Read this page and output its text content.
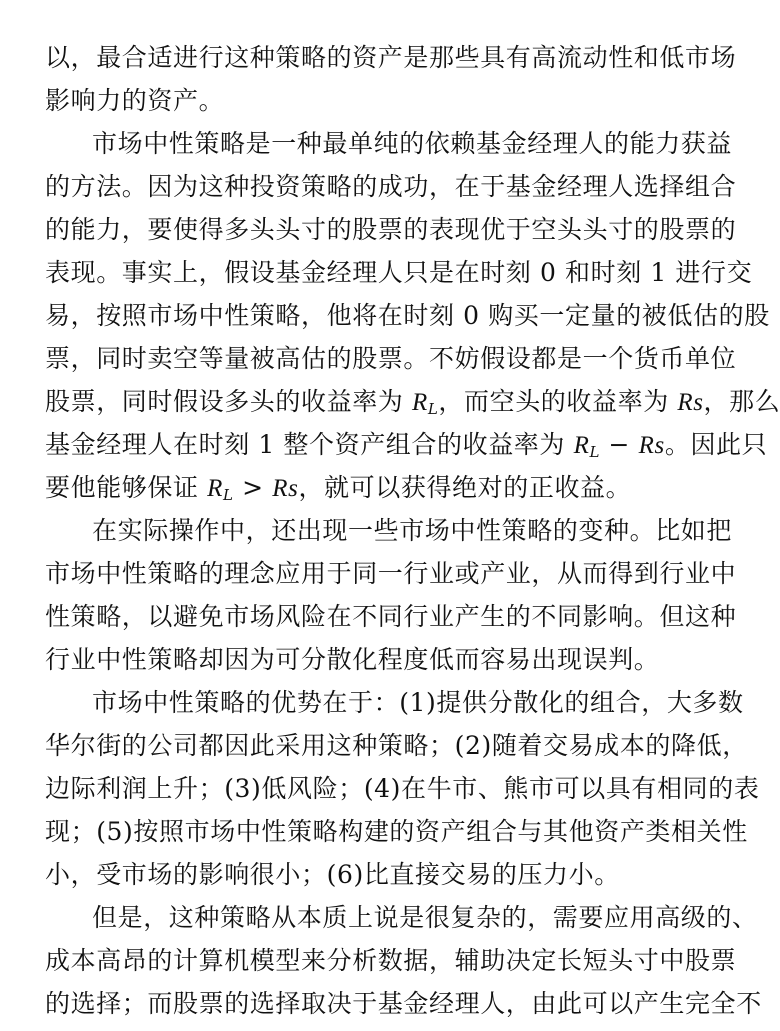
以，最合适进行这种策略的资产是那些具有高流动性和低市场
影响力的资产。
市场中性策略是一种最单纯的依赖基金经理人的能力获益
的方法。因为这种投资策略的成功，在于基金经理人选择组合
的能力，要使得多头头寸的股票的表现优于空头头寸的股票的
表现。事实上，假设基金经理人只是在时刻 0 和时刻 1 进行交
易，按照市场中性策略，他将在时刻 0 购买一定量的被低估的股
票，同时卖空等量被高估的股票。不妨假设都是一个货币单位
股票，同时假设多头的收益率为 $R_L$，而空头的收益率为 Rs，那么
基金经理人在时刻 1 整个资产组合的收益率为 $R_L - Rs$。因此只
要他能够保证 $R_L > Rs$，就可以获得绝对的正收益。
在实际操作中，还出现一些市场中性策略的变种。比如把
市场中性策略的理念应用于同一行业或产业，从而得到行业中
性策略，以避免市场风险在不同行业产生的不同影响。但这种
行业中性策略却因为可分散化程度低而容易出现误判。
市场中性策略的优势在于：(1)提供分散化的组合，大多数
华尔街的公司都因此采用这种策略；(2)随着交易成本的降低，
边际利润上升；(3)低风险；(4)在牛市、熊市可以具有相同的表
现；(5)按照市场中性策略构建的资产组合与其他资产类相关性
小，受市场的影响很小；(6)比直接交易的压力小。
但是，这种策略从本质上说是很复杂的，需要应用高级的、
成本高昂的计算机模型来分析数据，辅助决定长短头寸中股票
的选择；而股票的选择取决于基金经理人，由此可以产生完全不
